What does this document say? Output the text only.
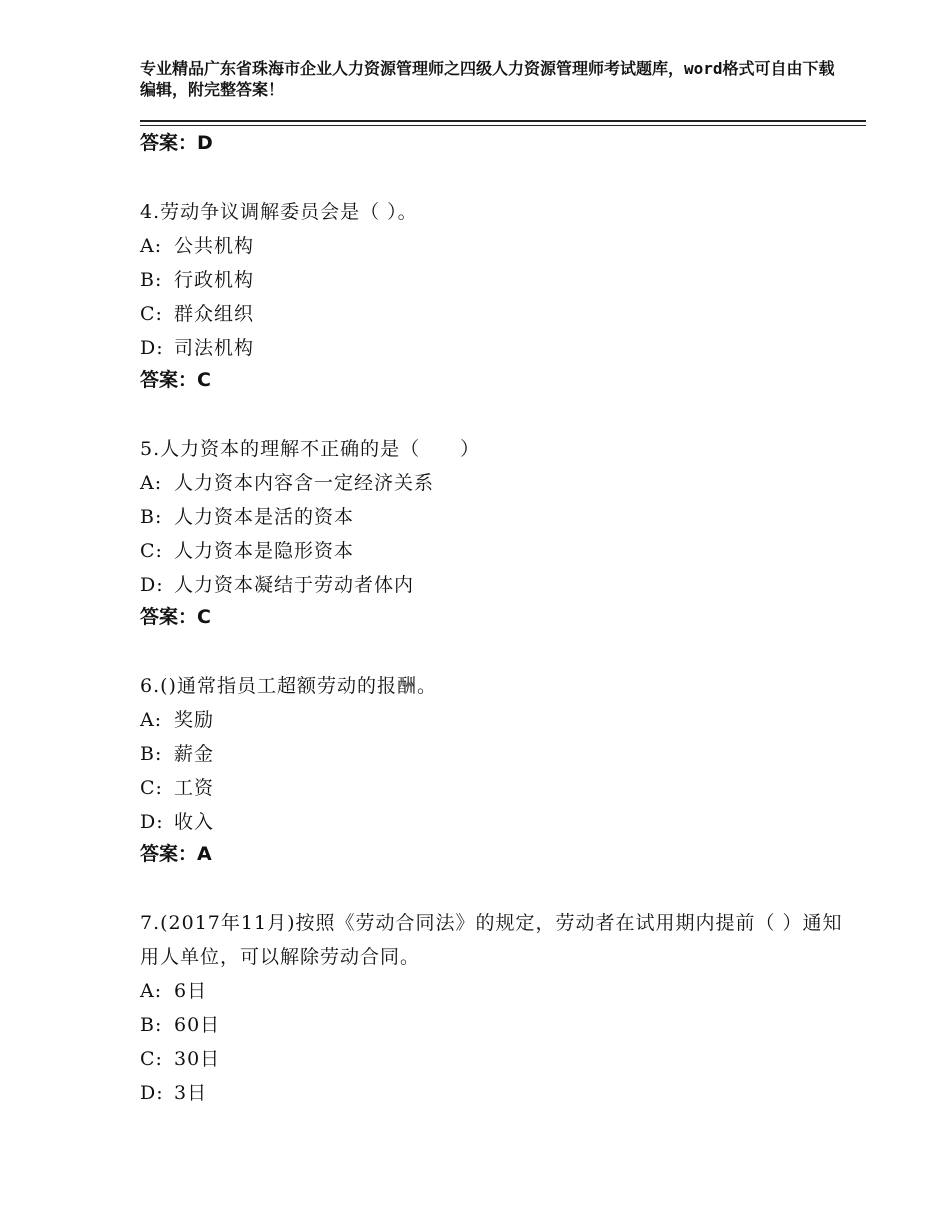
专业精品广东省珠海市企业人力资源管理师之四级人力资源管理师考试题库，word格式可自由下载编辑，附完整答案！

答案：D

4.劳动争议调解委员会是（ ）。

A: 公共机构

B: 行政机构

C: 群众组织

D: 司法机构

答案：C

5.人力资本的理解不正确的是（　　）

A: 人力资本内容含一定经济关系

B: 人力资本是活的资本

C: 人力资本是隐形资本

D: 人力资本凝结于劳动者体内

答案：C

6.()通常指员工超额劳动的报酬。

A: 奖励

B: 薪金

C: 工资

D: 收入

答案：A

7.(2017年11月)按照《劳动合同法》的规定，劳动者在试用期内提前（ ）通知用人单位，可以解除劳动合同。

A: 6日

B: 60日

C: 30日

D: 3日
